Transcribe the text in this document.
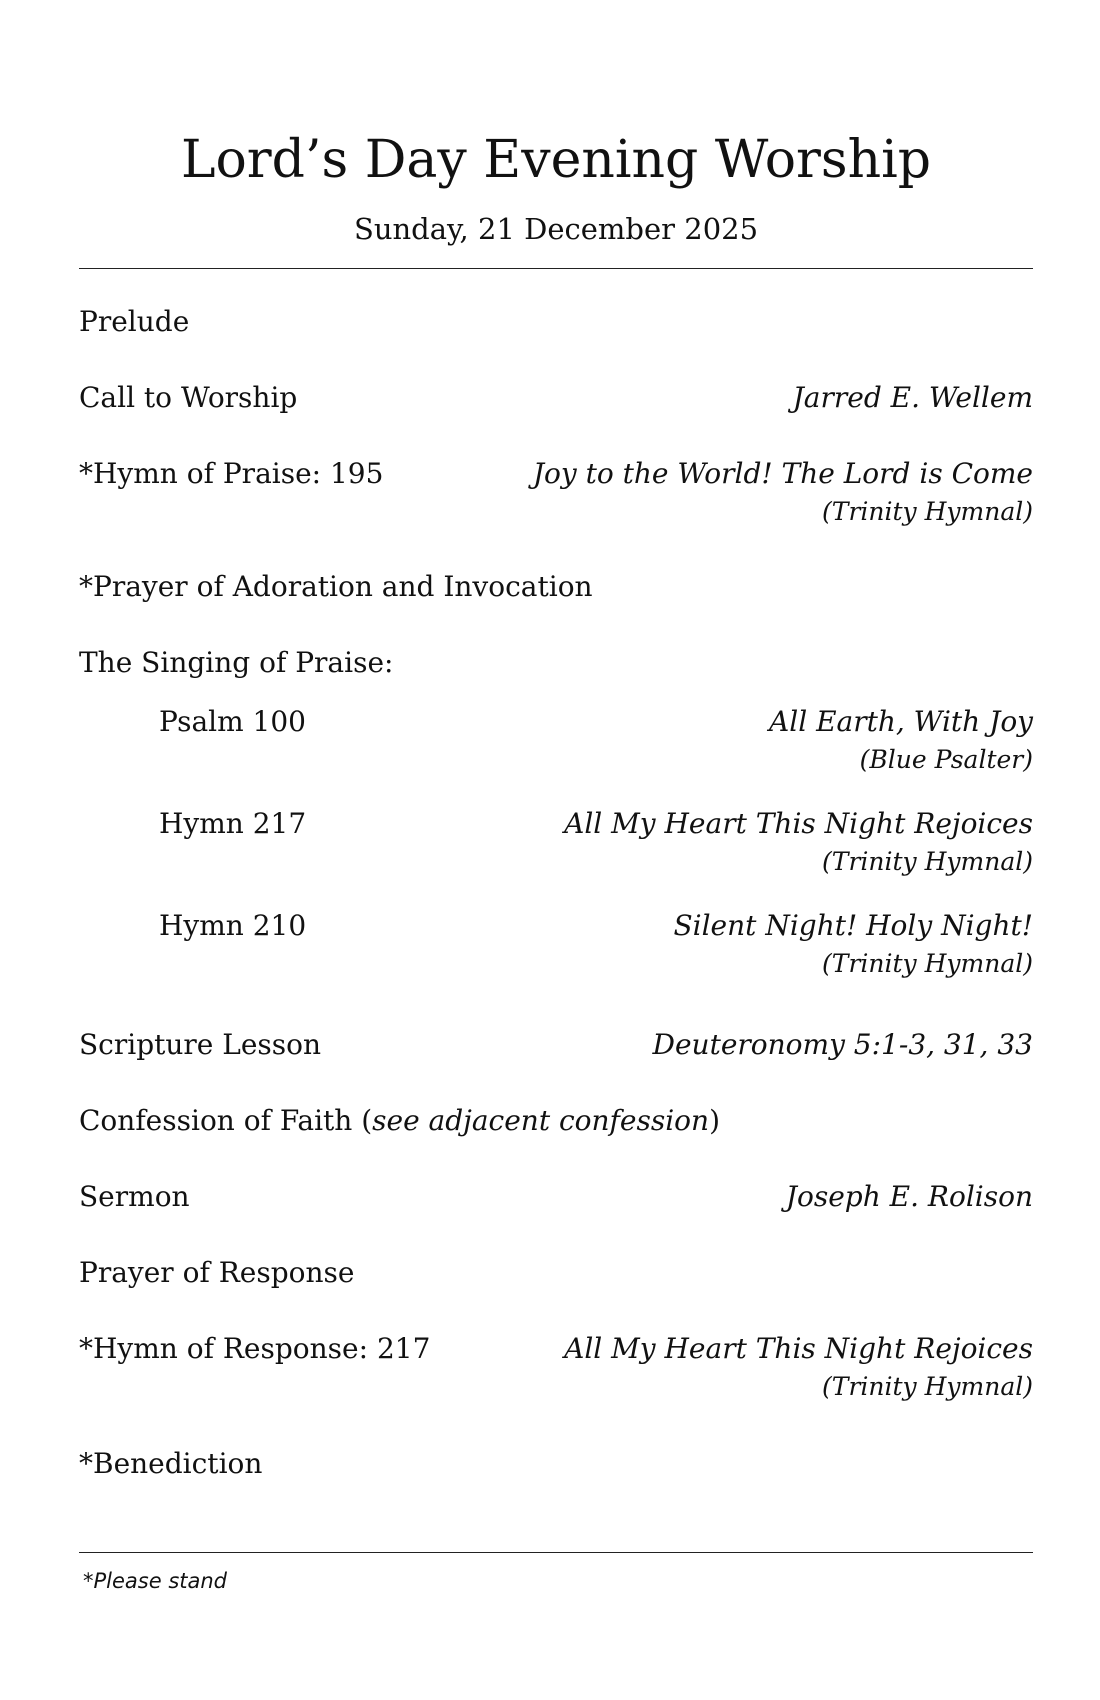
Lord’s Day Evening Worship
Sunday, 21 December 2025
Prelude
Call to Worship	Jarred E. Wellem
*Hymn of Praise: 195	Joy to the World! The Lord is Come
(Trinity Hymnal)
*Prayer of Adoration and Invocation
The Singing of Praise:
Psalm 100	All Earth, With Joy
(Blue Psalter)
Hymn 217	All My Heart This Night Rejoices
(Trinity Hymnal)
Hymn 210	Silent Night! Holy Night!
(Trinity Hymnal)
Scripture Lesson	Deuteronomy 5:1-3, 31, 33
Confession of Faith (see adjacent confession)
Sermon	Joseph E. Rolison
Prayer of Response
*Hymn of Response: 217	All My Heart This Night Rejoices
(Trinity Hymnal)
*Benediction
*Please stand
